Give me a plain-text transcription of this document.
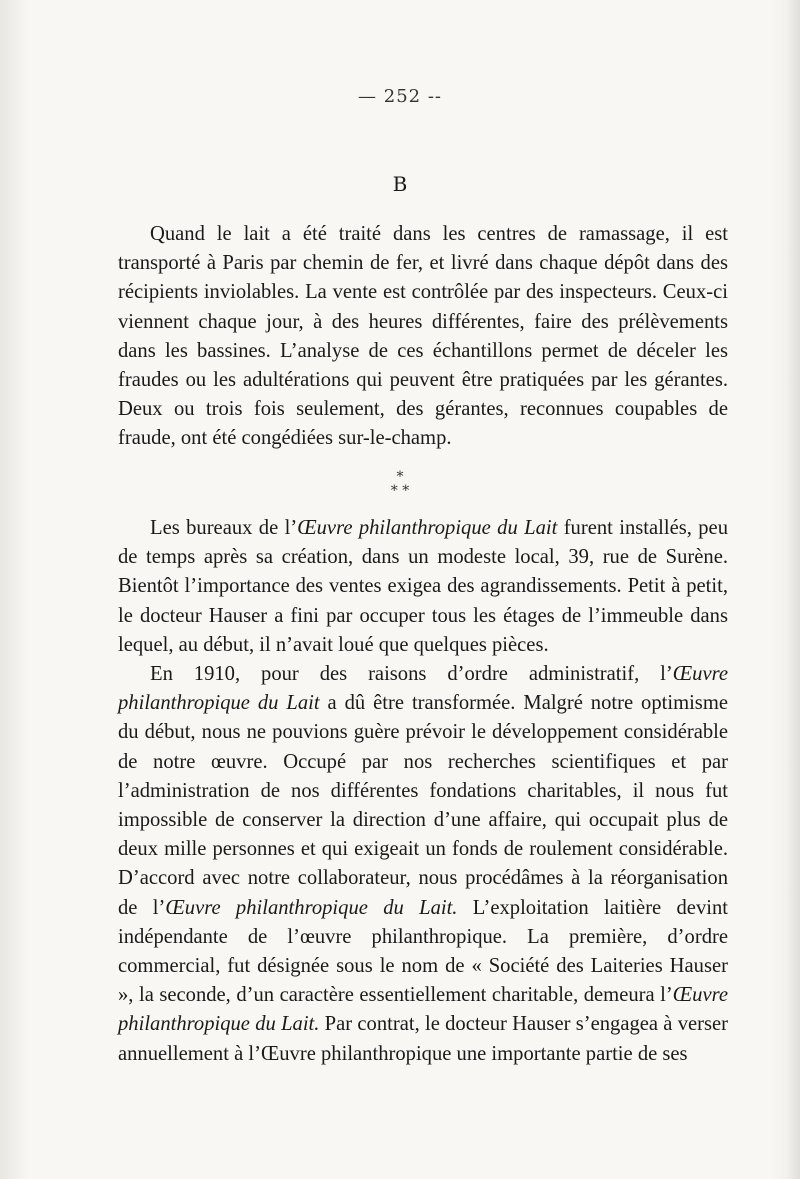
— 252 --
B

Quand le lait a été traité dans les centres de ramassage, il est transporté à Paris par chemin de fer, et livré dans chaque dépôt dans des récipients inviolables. La vente est contrôlée par des inspecteurs. Ceux-ci viennent chaque jour, à des heures différentes, faire des prélèvements dans les bassines. L’analyse de ces échantillons permet de déceler les fraudes ou les adultérations qui peuvent être pratiquées par les gérantes. Deux ou trois fois seulement, des gérantes, reconnues coupables de fraude, ont été congédiées sur-le-champ.

*
* *

Les bureaux de l’Œuvre philanthropique du Lait furent installés, peu de temps après sa création, dans un modeste local, 39, rue de Surène. Bientôt l’importance des ventes exigea des agrandissements. Petit à petit, le docteur Hauser a fini par occuper tous les étages de l’immeuble dans lequel, au début, il n’avait loué que quelques pièces.

En 1910, pour des raisons d’ordre administratif, l’Œuvre philanthropique du Lait a dû être transformée. Malgré notre optimisme du début, nous ne pouvions guère prévoir le développement considérable de notre œuvre. Occupé par nos recherches scientifiques et par l’administration de nos différentes fondations charitables, il nous fut impossible de conserver la direction d’une affaire, qui occupait plus de deux mille personnes et qui exigeait un fonds de roulement considérable. D’accord avec notre collaborateur, nous procédâmes à la réorganisation de l’Œuvre philanthropique du Lait. L’exploitation laitière devint indépendante de l’œuvre philanthropique. La première, d’ordre commercial, fut désignée sous le nom de « Société des Laiteries Hauser », la seconde, d’un caractère essentiellement charitable, demeura l’Œuvre philanthropique du Lait. Par contrat, le docteur Hauser s’engagea à verser annuellement à l’Œuvre philanthropique une importante partie de ses
